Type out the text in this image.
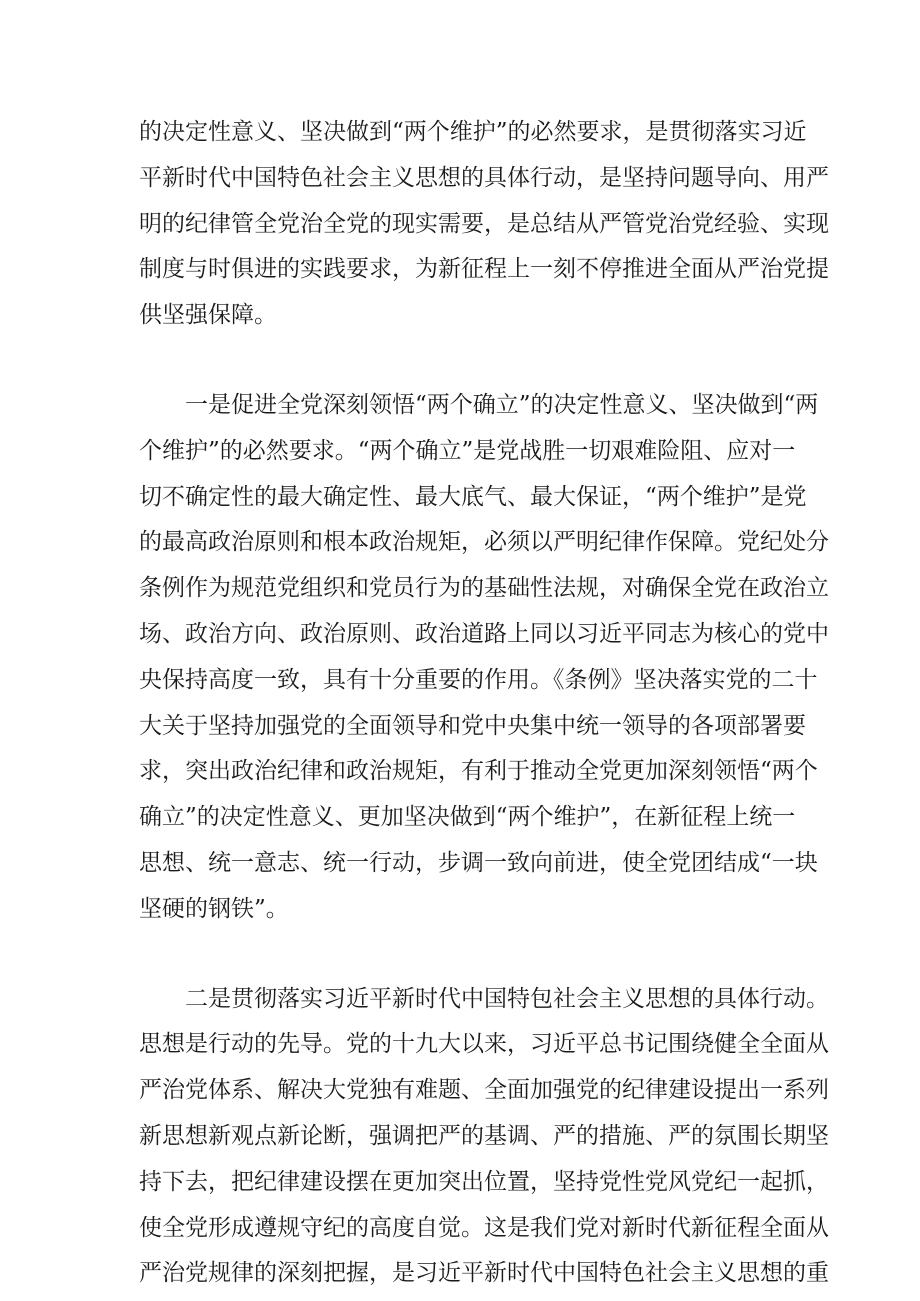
的决定性意义、坚决做到“两个维护”的必然要求，是贯彻落实习近
平新时代中国特色社会主义思想的具体行动，是坚持问题导向、用严
明的纪律管全党治全党的现实需要，是总结从严管党治党经验、实现
制度与时俱进的实践要求，为新征程上一刻不停推进全面从严治党提
供坚强保障。
一是促进全党深刻领悟“两个确立”的决定性意义、坚决做到“两
个维护”的必然要求。“两个确立”是党战胜一切艰难险阻、应对一
切不确定性的最大确定性、最大底气、最大保证，“两个维护”是党
的最高政治原则和根本政治规矩，必须以严明纪律作保障。党纪处分
条例作为规范党组织和党员行为的基础性法规，对确保全党在政治立
场、政治方向、政治原则、政治道路上同以习近平同志为核心的党中
央保持高度一致，具有十分重要的作用。《条例》坚决落实党的二十
大关于坚持加强党的全面领导和党中央集中统一领导的各项部署要
求，突出政治纪律和政治规矩，有利于推动全党更加深刻领悟“两个
确立”的决定性意义、更加坚决做到“两个维护”，在新征程上统一
思想、统一意志、统一行动，步调一致向前进，使全党团结成“一块
坚硬的钢铁”。
二是贯彻落实习近平新时代中国特包社会主义思想的具体行动。
思想是行动的先导。党的十九大以来，习近平总书记围绕健全全面从
严治党体系、解决大党独有难题、全面加强党的纪律建设提出一系列
新思想新观点新论断，强调把严的基调、严的措施、严的氛围长期坚
持下去，把纪律建设摆在更加突出位置，坚持党性党风党纪一起抓，
使全党形成遵规守纪的高度自觉。这是我们党对新时代新征程全面从
严治党规律的深刻把握，是习近平新时代中国特色社会主义思想的重
